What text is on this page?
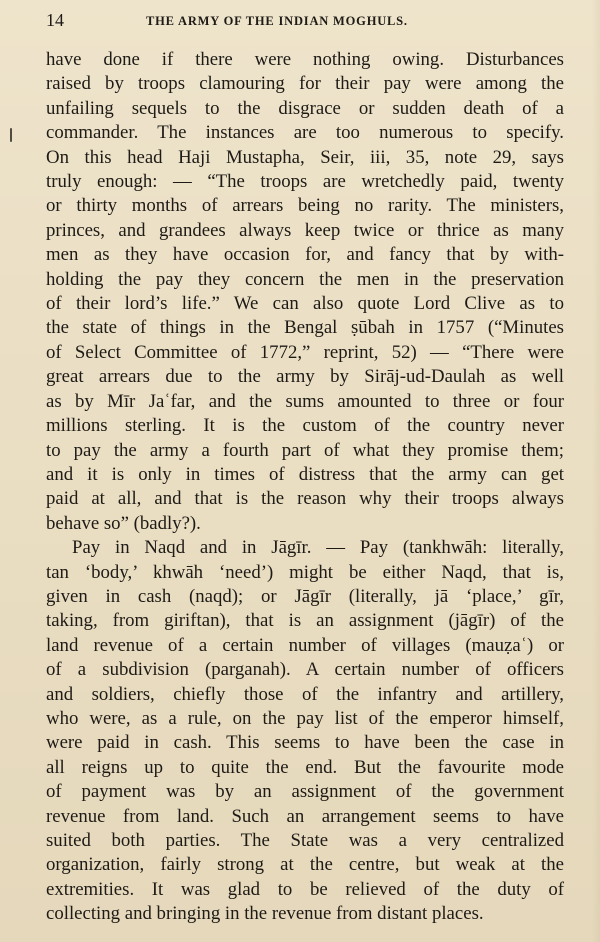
14	THE ARMY OF THE INDIAN MOGHULS.
have done if there were nothing owing. Disturbances
raised by troops clamouring for their pay were among the
unfailing sequels to the disgrace or sudden death of a
commander. The instances are too numerous to specify.
On this head Haji Mustapha, Seir, iii, 35, note 29, says
truly enough: — “The troops are wretchedly paid, twenty
or thirty months of arrears being no rarity. The ministers,
princes, and grandees always keep twice or thrice as many
men as they have occasion for, and fancy that by with-
holding the pay they concern the men in the preservation
of their lord’s life.” We can also quote Lord Clive as to
the state of things in the Bengal ṣūbah in 1757 (“Minutes
of Select Committee of 1772,” reprint, 52) — “There were
great arrears due to the army by Sirāj-ud-Daulah as well
as by Mīr Jaʿfar, and the sums amounted to three or four
millions sterling. It is the custom of the country never
to pay the army a fourth part of what they promise them;
and it is only in times of distress that the army can get
paid at all, and that is the reason why their troops always
behave so” (badly?).
Pay in Naqd and in Jāgīr. — Pay (tankhwāh: literally,
tan ‘body,’ khwāh ‘need’) might be either Naqd, that is,
given in cash (naqd); or Jāgīr (literally, jā ‘place,’ gīr,
taking, from giriftan), that is an assignment (jāgīr) of the
land revenue of a certain number of villages (mauẓaʿ) or
of a subdivision (parganah). A certain number of officers
and soldiers, chiefly those of the infantry and artillery,
who were, as a rule, on the pay list of the emperor himself,
were paid in cash. This seems to have been the case in
all reigns up to quite the end. But the favourite mode
of payment was by an assignment of the government
revenue from land. Such an arrangement seems to have
suited both parties. The State was a very centralized
organization, fairly strong at the centre, but weak at the
extremities. It was glad to be relieved of the duty of
collecting and bringing in the revenue from distant places.
